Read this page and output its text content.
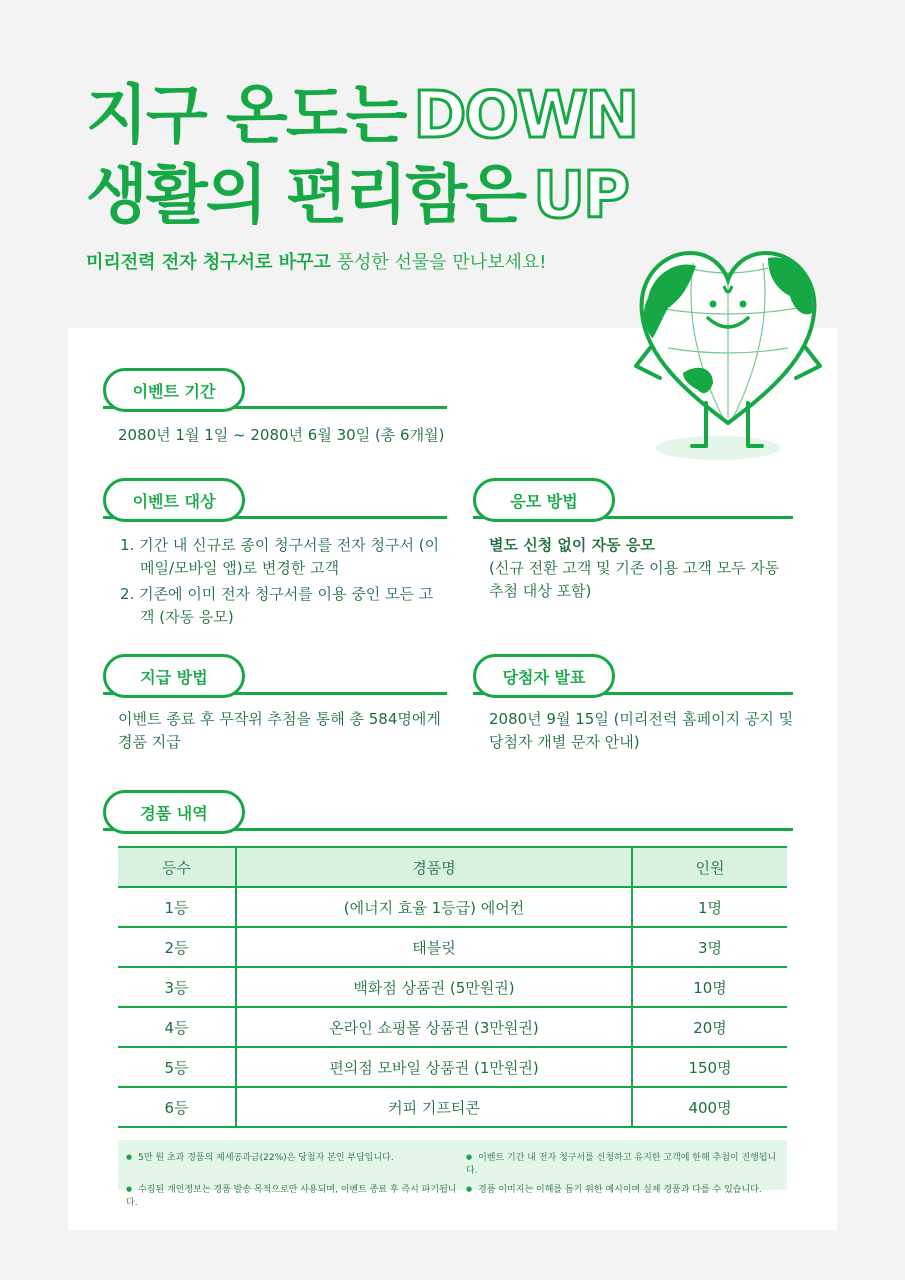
지구 온도는 DOWN
생활의 편리함은 UP
미리전력 전자 청구서로 바꾸고 풍성한 선물을 만나보세요!
이벤트 기간
2080년 1월 1일 ~ 2080년 6월 30일 (총 6개월)
이벤트 대상
1. 기간 내 신규로 종이 청구서를 전자 청구서 (이메일/모바일 앱)로 변경한 고객
2. 기존에 이미 전자 청구서를 이용 중인 모든 고객 (자동 응모)
응모 방법
별도 신청 없이 자동 응모
(신규 전환 고객 및 기존 이용 고객 모두 자동 추첨 대상 포함)
지급 방법
이벤트 종료 후 무작위 추첨을 통해 총 584명에게 경품 지급
당첨자 발표
2080년 9월 15일 (미리전력 홈페이지 공지 및 당첨자 개별 문자 안내)
경품 내역
등수	경품명	인원
1등	(에너지 효율 1등급) 에어컨	1명
2등	태블릿	3명
3등	백화점 상품권 (5만원권)	10명
4등	온라인 쇼핑몰 상품권 (3만원권)	20명
5등	편의점 모바일 상품권 (1만원권)	150명
6등	커피 기프티콘	400명
● 5만 원 초과 경품의 제세공과금(22%)은 당첨자 본인 부담입니다.	● 이벤트 기간 내 전자 청구서를 신청하고 유지한 고객에 한해 추첨이 진행됩니다.
● 수집된 개인정보는 경품 발송 목적으로만 사용되며, 이벤트 종료 후 즉시 파기됩니다.
● 경품 이미지는 이해를 돕기 위한 예시이며 실제 경품과 다를 수 있습니다.
